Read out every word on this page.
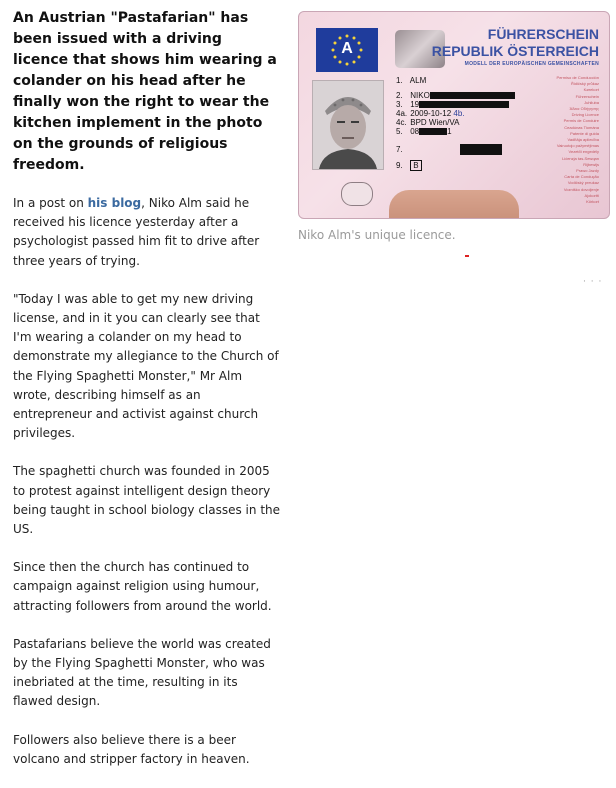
An Austrian "Pastafarian" has been issued with a driving licence that shows him wearing a colander on his head after he finally won the right to wear the kitchen implement in the photo on the grounds of religious freedom.

In a post on his blog, Niko Alm said he received his licence yesterday after a psychologist passed him fit to drive after three years of trying.

"Today I was able to get my new driving license, and in it you can clearly see that I'm wearing a colander on my head to demonstrate my allegiance to the Church of the Flying Spaghetti Monster," Mr Alm wrote, describing himself as an entrepreneur and activist against church privileges.

The spaghetti church was founded in 2005 to protest against intelligent design theory being taught in school biology classes in the US.

Since then the church has continued to campaign against religion using humour, attracting followers from around the world.

Pastafarians believe the world was created by the Flying Spaghetti Monster, who was inebriated at the time, resulting in its flawed design.

Followers also believe there is a beer volcano and stripper factory in heaven.

A
FÜHRERSCHEIN
REPUBLIK ÖSTERREICH
MODELL DER EUROPÄISCHEN GEMEINSCHAFTEN
1. ALM
2. NIKO
3. 19
4a. 2009-10-12 4b.
4c. BPD Wien/VA
5. 08	1
7.
9. B
Permiso de Conducción
Řidičský průkaz
Kørekort
Führerschein
Juhiluba
Άδεια Οδήγησης
Driving Licence
Permis de Conduire
Ceadúnas Tiomána
Patente di guida
Vadītāja apliecība
Vairuotojo pažymėjimas
Vezetői engedély
Liċenzja tas-Sewqan
Rijbewijs
Prawo Jazdy
Carta de Condução
Vodičský preukaz
Vozniško dovoljenje
Ajokortti
Körkort
Niko Alm's unique licence.
· · ·
